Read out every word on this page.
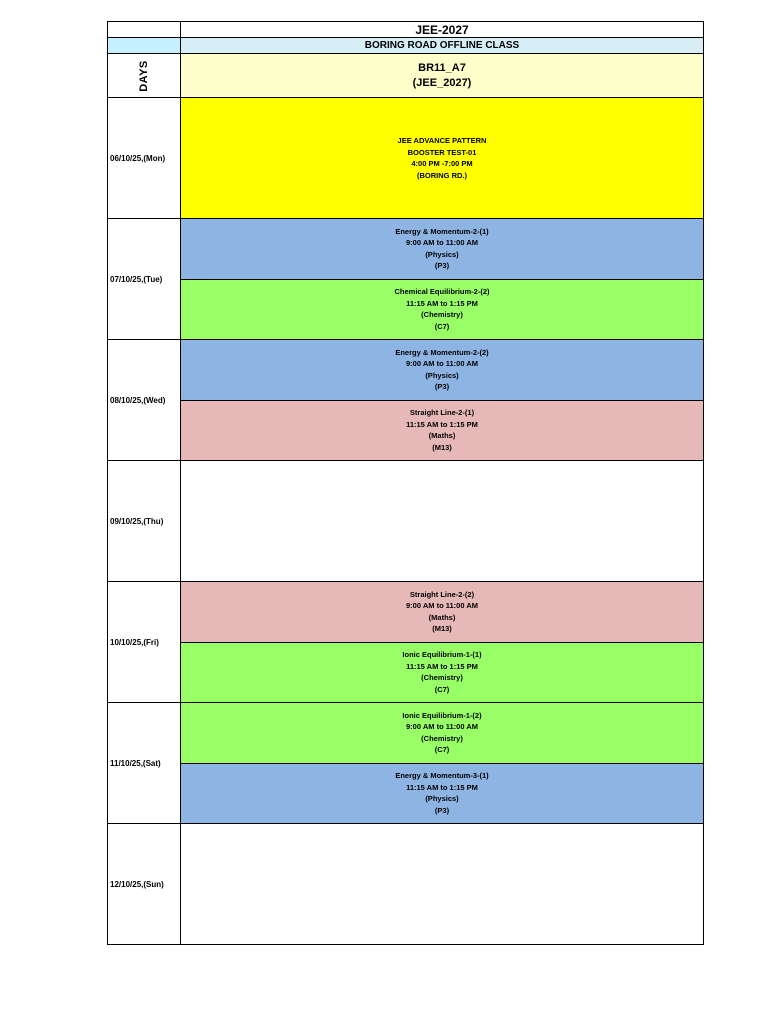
JEE-2027
BORING ROAD OFFLINE CLASS
DAYS	BR11_A7
(JEE_2027)
06/10/25,(Mon)
JEE ADVANCE PATTERN
BOOSTER TEST-01
4:00 PM -7:00 PM
(BORING RD.)
07/10/25,(Tue)
Energy & Momentum-2-(1)
9:00 AM to 11:00 AM
(Physics)
(P3)
Chemical Equilibrium-2-(2)
11:15 AM to 1:15 PM
(Chemistry)
(C7)
08/10/25,(Wed)
Energy & Momentum-2-(2)
9:00 AM to 11:00 AM
(Physics)
(P3)
Straight Line-2-(1)
11:15 AM to 1:15 PM
(Maths)
(M13)
09/10/25,(Thu)
10/10/25,(Fri)
Straight Line-2-(2)
9:00 AM to 11:00 AM
(Maths)
(M13)
Ionic Equilibrium-1-(1)
11:15 AM to 1:15 PM
(Chemistry)
(C7)
11/10/25,(Sat)
Ionic Equilibrium-1-(2)
9:00 AM to 11:00 AM
(Chemistry)
(C7)
Energy & Momentum-3-(1)
11:15 AM to 1:15 PM
(Physics)
(P3)
12/10/25,(Sun)
